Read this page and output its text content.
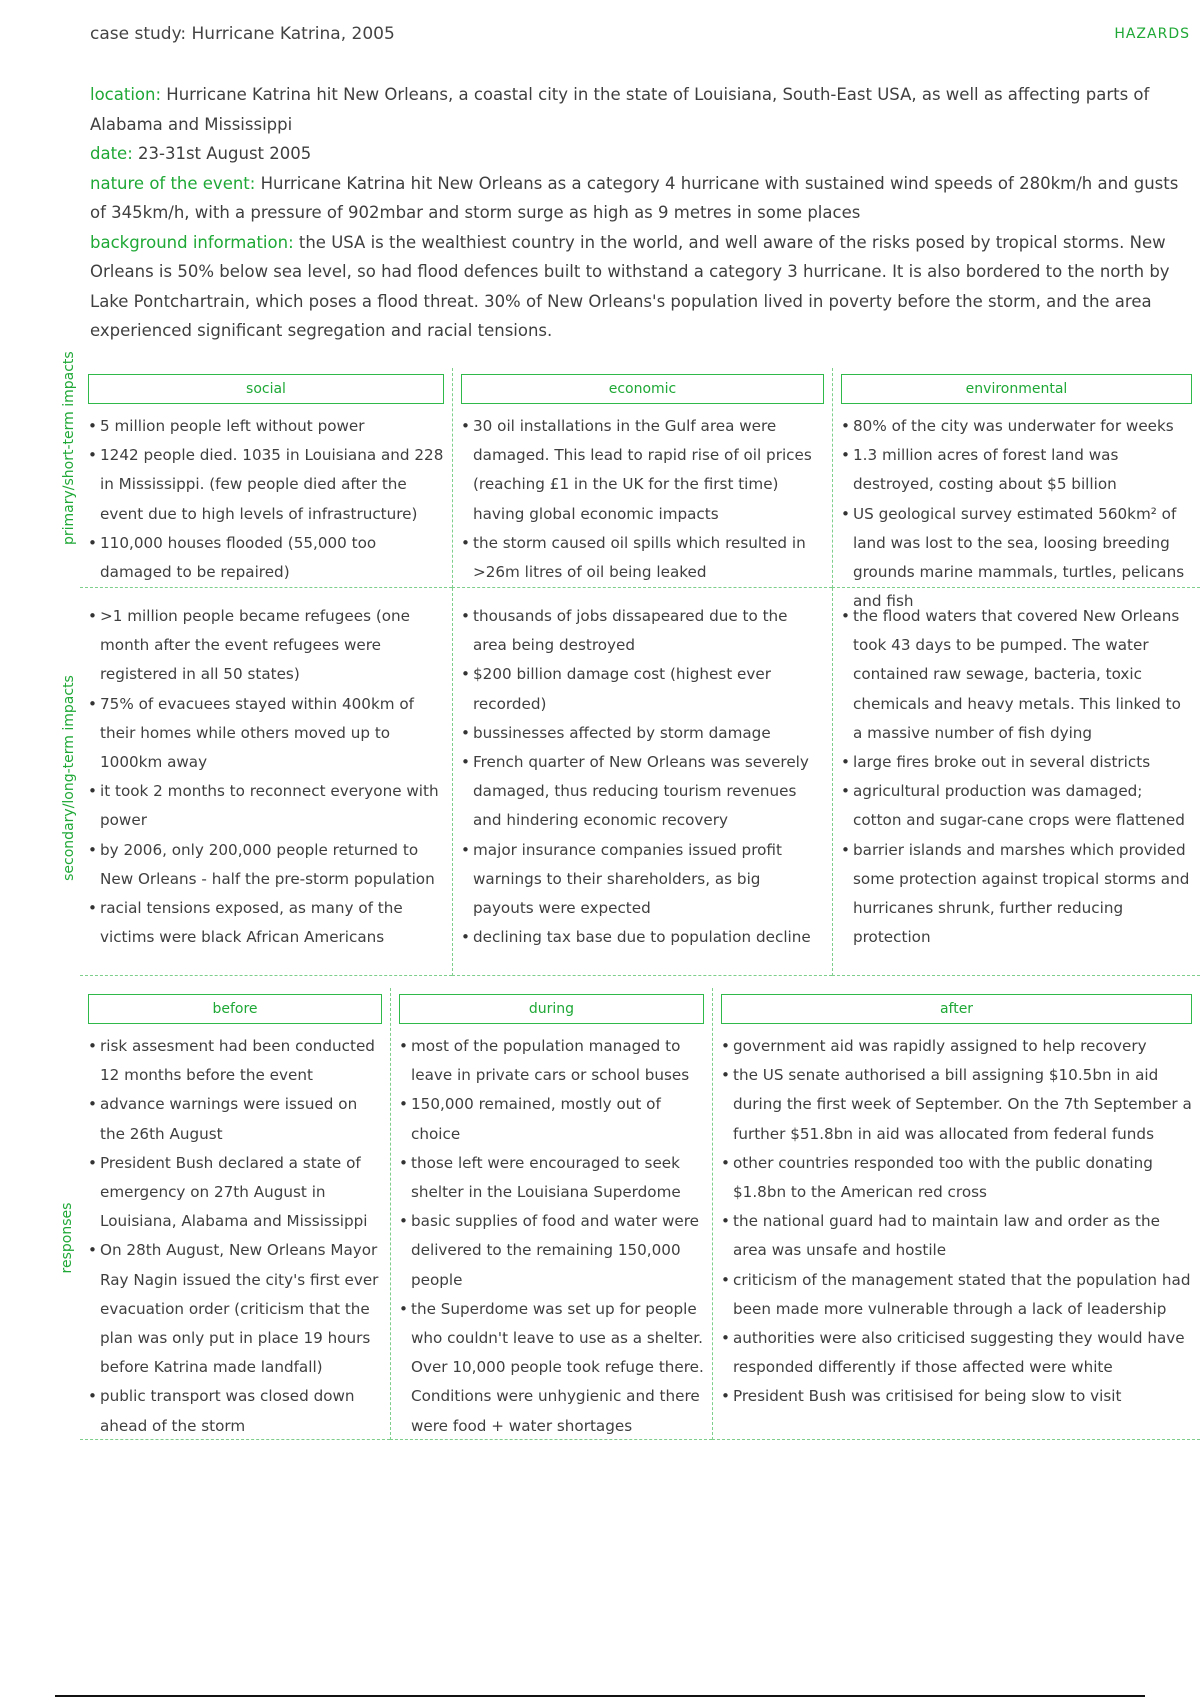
case study: Hurricane Katrina, 2005	HAZARDS

location: Hurricane Katrina hit New Orleans, a coastal city in the state of Louisiana, South-East USA, as well as affecting parts of Alabama and Mississippi

date: 23-31st August 2005

nature of the event: Hurricane Katrina hit New Orleans as a category 4 hurricane with sustained wind speeds of 280km/h and gusts of 345km/h, with a pressure of 902mbar and storm surge as high as 9 metres in some places

background information: the USA is the wealthiest country in the world, and well aware of the risks posed by tropical storms. New Orleans is 50% below sea level, so had flood defences built to withstand a category 3 hurricane. It is also bordered to the north by Lake Pontchartrain, which poses a flood threat. 30% of New Orleans's population lived in poverty before the storm, and the area experienced significant segregation and racial tensions.

primary/short-term impacts
secondary/long-term impacts
responses
social
• 5 million people left without power
• 1242 people died. 1035 in Louisiana and 228 in Mississippi. (few people died after the event due to high levels of infrastructure)
• 110,000 houses flooded (55,000 too damaged to be repaired)
economic
• 30 oil installations in the Gulf area were damaged. This lead to rapid rise of oil prices (reaching £1 in the UK for the first time) having global economic impacts
• the storm caused oil spills which resulted in >26m litres of oil being leaked
environmental
• 80% of the city was underwater for weeks
• 1.3 million acres of forest land was destroyed, costing about $5 billion
• US geological survey estimated 560km² of land was lost to the sea, loosing breeding grounds marine mammals, turtles, pelicans and fish
• >1 million people became refugees (one month after the event refugees were registered in all 50 states)
• 75% of evacuees stayed within 400km of their homes while others moved up to 1000km away
• it took 2 months to reconnect everyone with power
• by 2006, only 200,000 people returned to New Orleans - half the pre-storm population
• racial tensions exposed, as many of the victims were black African Americans
• thousands of jobs dissapeared due to the area being destroyed
• $200 billion damage cost (highest ever recorded)
• bussinesses affected by storm damage
• French quarter of New Orleans was severely damaged, thus reducing tourism revenues and hindering economic recovery
• major insurance companies issued profit warnings to their shareholders, as big payouts were expected
• declining tax base due to population decline
• the flood waters that covered New Orleans took 43 days to be pumped. The water contained raw sewage, bacteria, toxic chemicals and heavy metals. This linked to a massive number of fish dying
• large fires broke out in several districts
• agricultural production was damaged; cotton and sugar-cane crops were flattened
• barrier islands and marshes which provided some protection against tropical storms and hurricanes shrunk, further reducing protection
before
• risk assesment had been conducted 12 months before the event
• advance warnings were issued on the 26th August
• President Bush declared a state of emergency on 27th August in Louisiana, Alabama and Mississippi
• On 28th August, New Orleans Mayor Ray Nagin issued the city's first ever evacuation order (criticism that the plan was only put in place 19 hours before Katrina made landfall)
• public transport was closed down ahead of the storm
during
• most of the population managed to leave in private cars or school buses
• 150,000 remained, mostly out of choice
• those left were encouraged to seek shelter in the Louisiana Superdome
• basic supplies of food and water were delivered to the remaining 150,000 people
• the Superdome was set up for people who couldn't leave to use as a shelter. Over 10,000 people took refuge there. Conditions were unhygienic and there were food + water shortages
after
• government aid was rapidly assigned to help recovery
• the US senate authorised a bill assigning $10.5bn in aid during the first week of September. On the 7th September a further $51.8bn in aid was allocated from federal funds
• other countries responded too with the public donating $1.8bn to the American red cross
• the national guard had to maintain law and order as the area was unsafe and hostile
• criticism of the management stated that the population had been made more vulnerable through a lack of leadership
• authorities were also criticised suggesting they would have responded differently if those affected were white
• President Bush was critisised for being slow to visit
